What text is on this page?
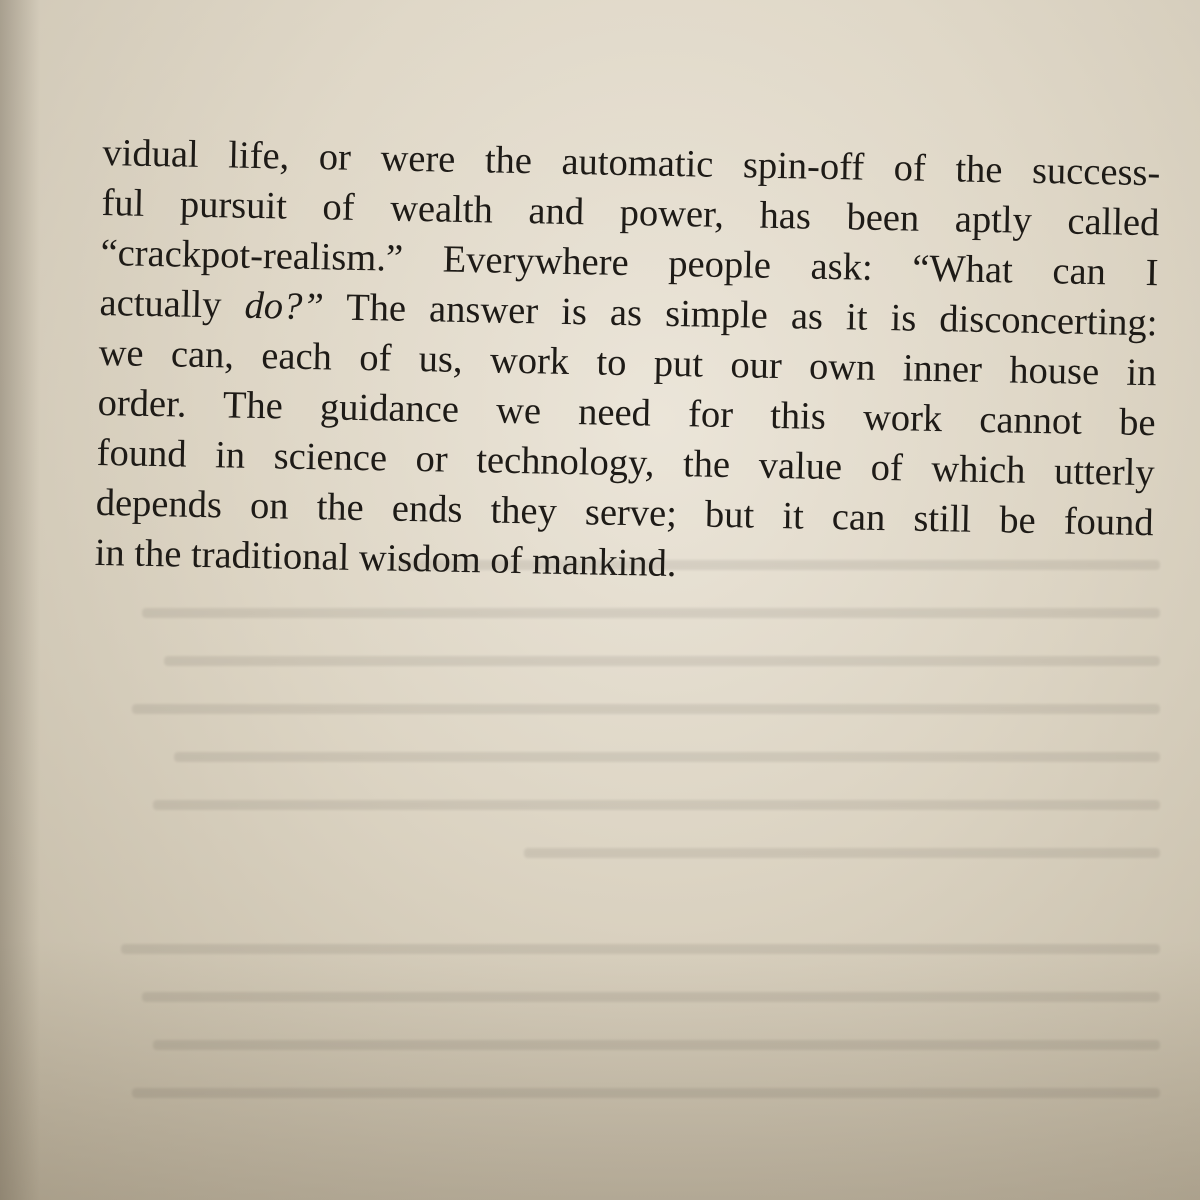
vidual life, or were the automatic spin-off of the success-
ful pursuit of wealth and power, has been aptly called
“crackpot-realism.” Everywhere people ask: “What can I
actually do?” The answer is as simple as it is disconcerting:
we can, each of us, work to put our own inner house in
order. The guidance we need for this work cannot be
found in science or technology, the value of which utterly
depends on the ends they serve; but it can still be found
in the traditional wisdom of mankind.
